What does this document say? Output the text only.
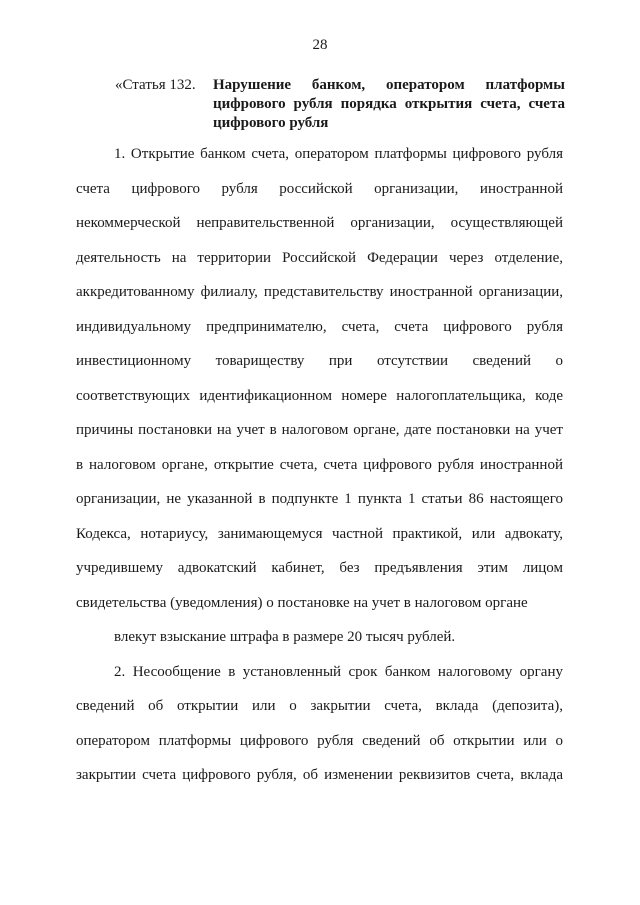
28
«Статья 132. Нарушение банком, оператором платформы цифрового рубля порядка открытия счета, счета цифрового рубля
1. Открытие банком счета, оператором платформы цифрового рубля
счета цифрового рубля российской организации, иностранной
некоммерческой неправительственной организации, осуществляющей
деятельность на территории Российской Федерации через отделение,
аккредитованному филиалу, представительству иностранной организации,
индивидуальному предпринимателю, счета, счета цифрового рубля
инвестиционному товариществу при отсутствии сведений о
соответствующих идентификационном номере налогоплательщика, коде
причины постановки на учет в налоговом органе, дате постановки на учет
в налоговом органе, открытие счета, счета цифрового рубля иностранной
организации, не указанной в подпункте 1 пункта 1 статьи 86 настоящего
Кодекса, нотариусу, занимающемуся частной практикой, или адвокату,
учредившему адвокатский кабинет, без предъявления этим лицом
свидетельства (уведомления) о постановке на учет в налоговом органе
влекут взыскание штрафа в размере 20 тысяч рублей.
2. Несообщение в установленный срок банком налоговому органу
сведений об открытии или о закрытии счета, вклада (депозита),
оператором платформы цифрового рубля сведений об открытии или о
закрытии счета цифрового рубля, об изменении реквизитов счета, вклада
